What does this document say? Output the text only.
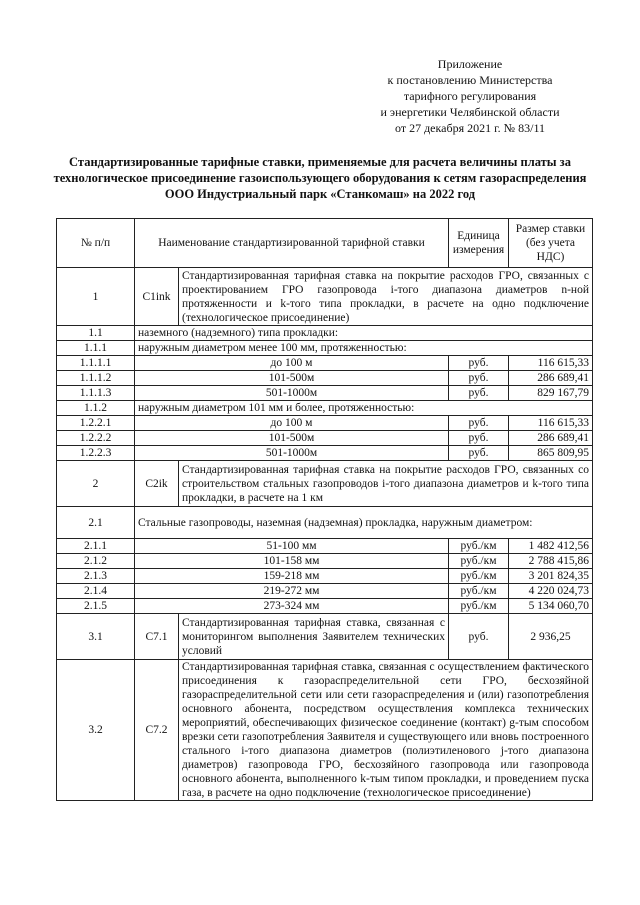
Приложение
к постановлению Министерства
тарифного регулирования
и энергетики Челябинской области
от 27 декабря 2021 г. № 83/11
Стандартизированные тарифные ставки, применяемые для расчета величины платы за технологическое присоединение газоиспользующего оборудования к сетям газораспределения ООО Индустриальный парк «Станкомаш» на 2022 год
№ п/п	Наименование стандартизированной тарифной ставки		Единица измерения	Размер ставки (без учета НДС)
1	C1ink	Стандартизированная тарифная ставка на покрытие расходов ГРО, связанных с проектированием ГРО газопровода i-того диапазона диаметров n-ной протяженности и k-того типа прокладки, в расчете на одно подключение (технологическое присоединение)		
1.1	наземного (надземного) типа прокладки:			
1.1.1	наружным диаметром менее 100 мм, протяженностью:			
1.1.1.1	до 100 м		руб.	116 615,33
1.1.1.2	101-500м		руб.	286 689,41
1.1.1.3	501-1000м		руб.	829 167,79
1.1.2	наружным диаметром 101 мм и более, протяженностью:			
1.2.2.1	до 100 м		руб.	116 615,33
1.2.2.2	101-500м		руб.	286 689,41
1.2.2.3	501-1000м		руб.	865 809,95
2	C2ik	Стандартизированная тарифная ставка на покрытие расходов ГРО, связанных со строительством стальных газопроводов i-того диапазона диаметров и k-того типа прокладки, в расчете на 1 км		
2.1	Стальные газопроводы, наземная (надземная) прокладка, наружным диаметром:			
2.1.1	51-100 мм		руб./км	1 482 412,56
2.1.2	101-158 мм		руб./км	2 788 415,86
2.1.3	159-218 мм		руб./км	3 201 824,35
2.1.4	219-272 мм		руб./км	4 220 024,73
2.1.5	273-324 мм		руб./км	5 134 060,70
3.1	C7.1	Стандартизированная тарифная ставка, связанная с мониторингом выполнения Заявителем технических условий	руб.	2 936,25
3.2	C7.2	Стандартизированная тарифная ставка, связанная с осуществлением фактического присоединения к газораспределительной сети ГРО, бесхозяйной газораспределительной сети или сети газораспределения и (или) газопотребления основного абонента, посредством осуществления комплекса технических мероприятий, обеспечивающих физическое соединение (контакт) g-тым способом врезки сети газопотребления Заявителя и существующего или вновь построенного стального i-того диапазона диаметров (полиэтиленового j-того диапазона диаметров) газопровода ГРО, бесхозяйного газопровода или газопровода основного абонента, выполненного k-тым типом прокладки, и проведением пуска газа, в расчете на одно подключение (технологическое присоединение)		
